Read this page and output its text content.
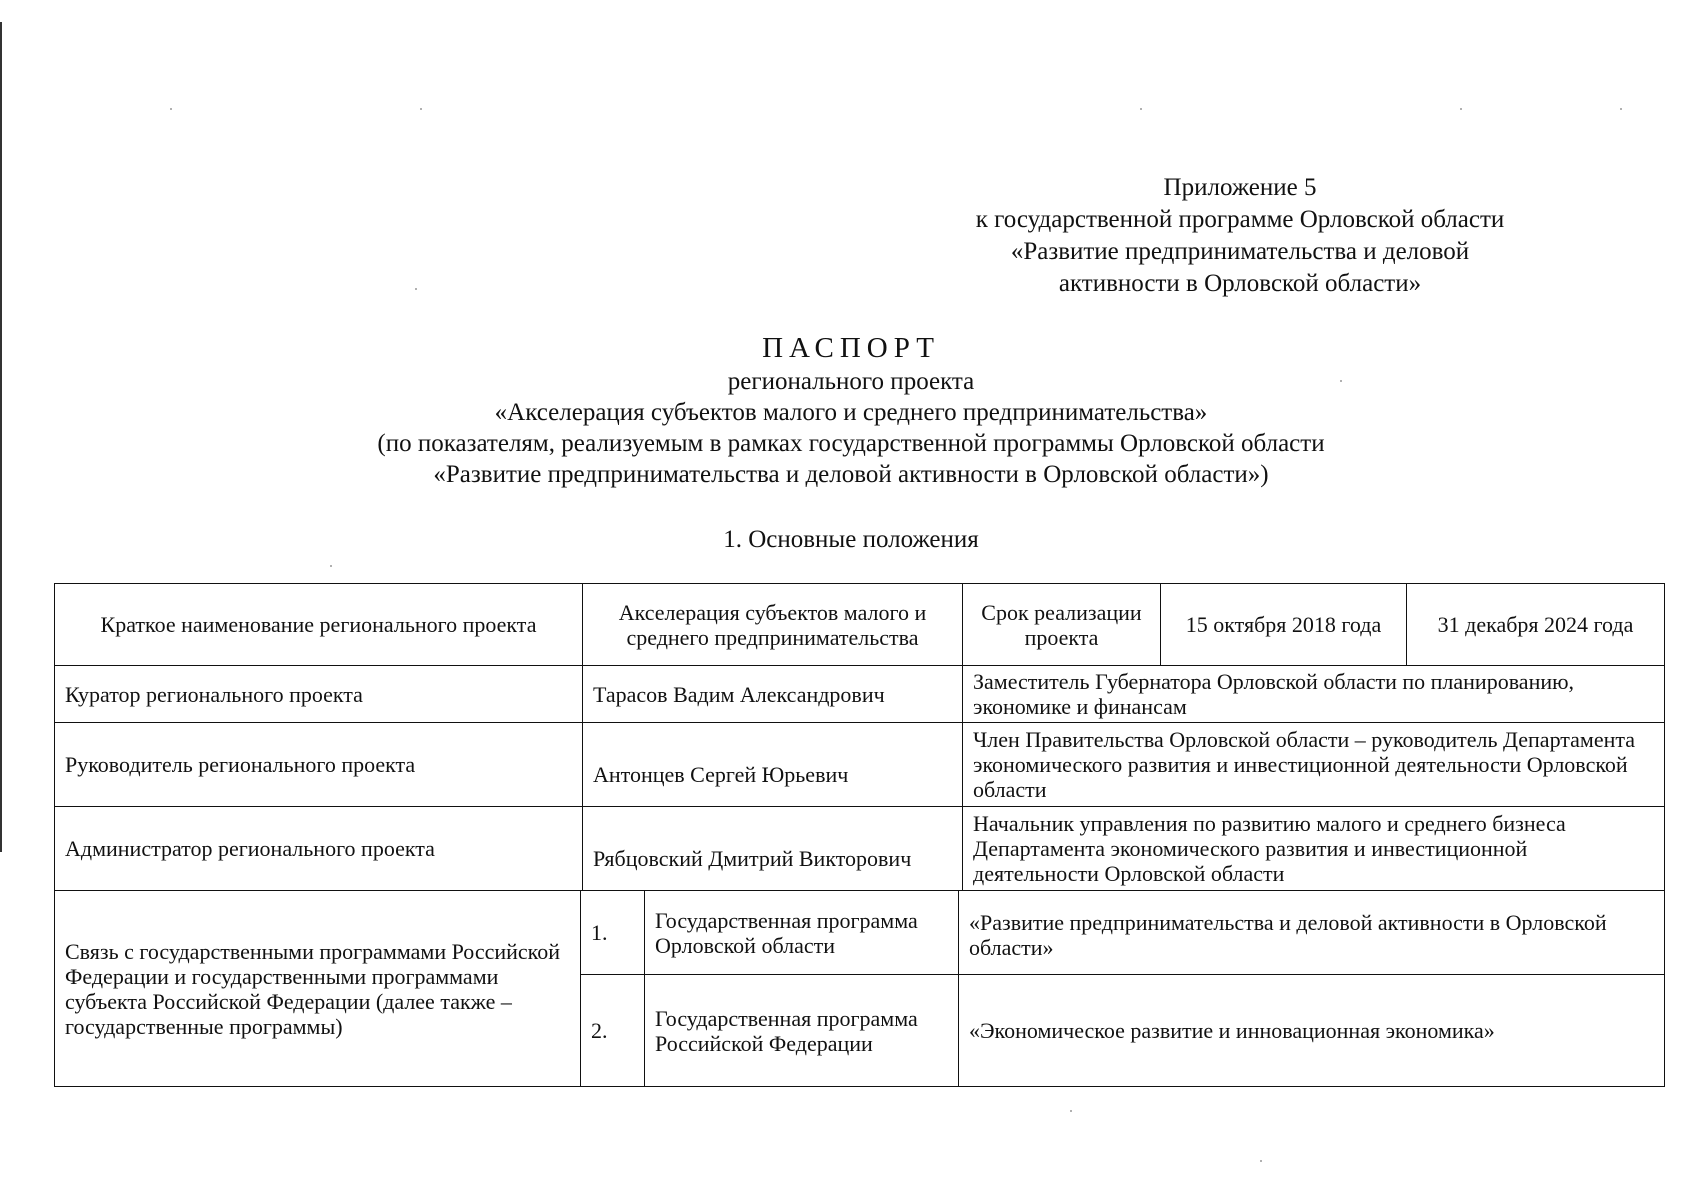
Приложение 5
к государственной программе Орловской области
«Развитие предпринимательства и деловой
активности в Орловской области»
ПАСПОРТ
регионального проекта
«Акселерация субъектов малого и среднего предпринимательства»
(по показателям, реализуемым в рамках государственной программы Орловской области
«Развитие предпринимательства и деловой активности в Орловской области»)
1. Основные положения
Краткое наименование регионального проекта	Акселерация субъектов малого и среднего предпринимательства	Срок реализации проекта	15 октября 2018 года	31 декабря 2024 года
Куратор регионального проекта	Тарасов Вадим Александрович	Заместитель Губернатора Орловской области по планированию, экономике и финансам		
Руководитель регионального проекта	Антонцев Сергей Юрьевич	Член Правительства Орловской области – руководитель Департамента экономического развития и инвестиционной деятельности Орловской области		
Администратор регионального проекта	Рябцовский Дмитрий Викторович	Начальник управления по развитию малого и среднего бизнеса Департамента экономического развития и инвестиционной деятельности Орловской области		
Связь с государственными программами Российской Федерации и государственными программами субъекта Российской Федерации (далее также – государственные программы)	1.	Государственная программа Орловской области	«Развитие предпринимательства и деловой активности в Орловской области»
	2.	Государственная программа Российской Федерации	«Экономическое развитие и инновационная экономика»
